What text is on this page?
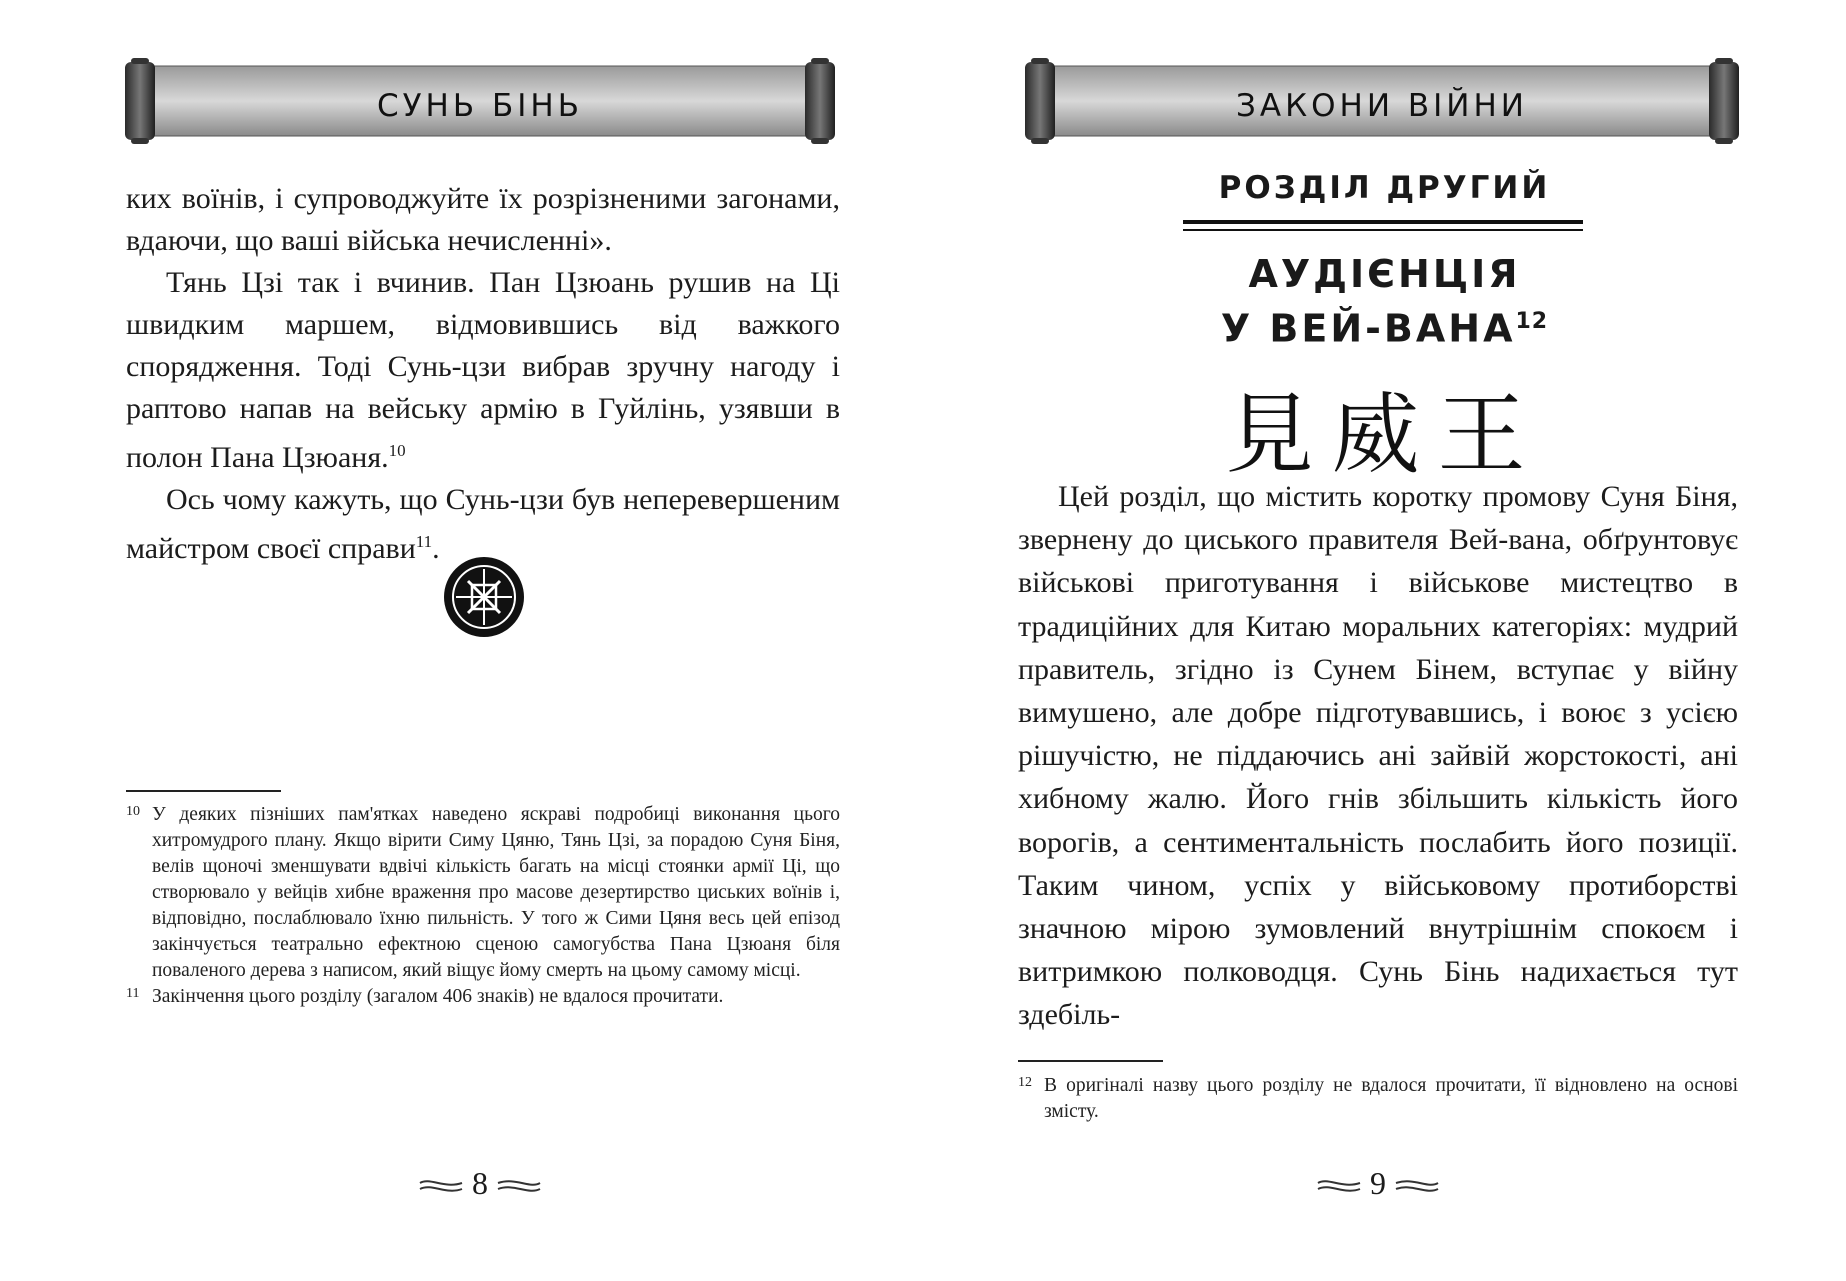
СУНЬ БІНЬ

ких воїнів, і супроводжуйте їх розрізненими загонами, вдаючи, що ваші війська нечисленні».

Тянь Цзі так і вчинив. Пан Цзюань рушив на Ці швидким маршем, відмовившись від важкого спорядження. Тоді Сунь-цзи вибрав зручну нагоду і раптово напав на вейську армію в Гуйлінь, узявши в полон Пана Цзюаня.$^{10}$

Ось чому кажуть, що Сунь-цзи був неперевершеним майстром своєї справи$^{11}$.

10 У деяких пізніших пам'ятках наведено яскраві подробиці виконання цього хитромудрого плану. Якщо вірити Симу Цяню, Тянь Цзі, за порадою Суня Біня, велів щоночі зменшувати вдвічі кількість багать на місці стоянки армії Ці, що створювало у вейців хибне враження про масове дезертирство циських воїнів і, відповідно, послаблювало їхню пильність. У того ж Сими Цяня весь цей епізод закінчується театрально ефектною сценою самогубства Пана Цзюаня біля поваленого дерева з написом, який віщує йому смерть на цьому самому місці.
11 Закінчення цього розділу (загалом 406 знаків) не вдалося прочитати.
8
ЗАКОНИ ВІЙНИ
РОЗДІЛ ДРУГИЙ
АУДІЄНЦІЯ
У ВЕЙ-ВАНА$^{12}$
見威王

Цей розділ, що містить коротку промову Суня Біня, звернену до циського правителя Вей-вана, обґрунтовує військові приготування і військове мистецтво в традиційних для Китаю моральних категоріях: мудрий правитель, згідно із Сунем Бінем, вступає у війну вимушено, але добре підготувавшись, і воює з усією рішучістю, не піддаючись ані зайвій жорстокості, ані хибному жалю. Його гнів збільшить кількість його ворогів, а сентиментальність послабить його позиції. Таким чином, успіх у військовому протиборстві значною мірою зумовлений внутрішнім спокоєм і витримкою полководця. Сунь Бінь надихається тут здебіль-

12 В оригіналі назву цього розділу не вдалося прочитати, її відновлено на основі змісту.
9
